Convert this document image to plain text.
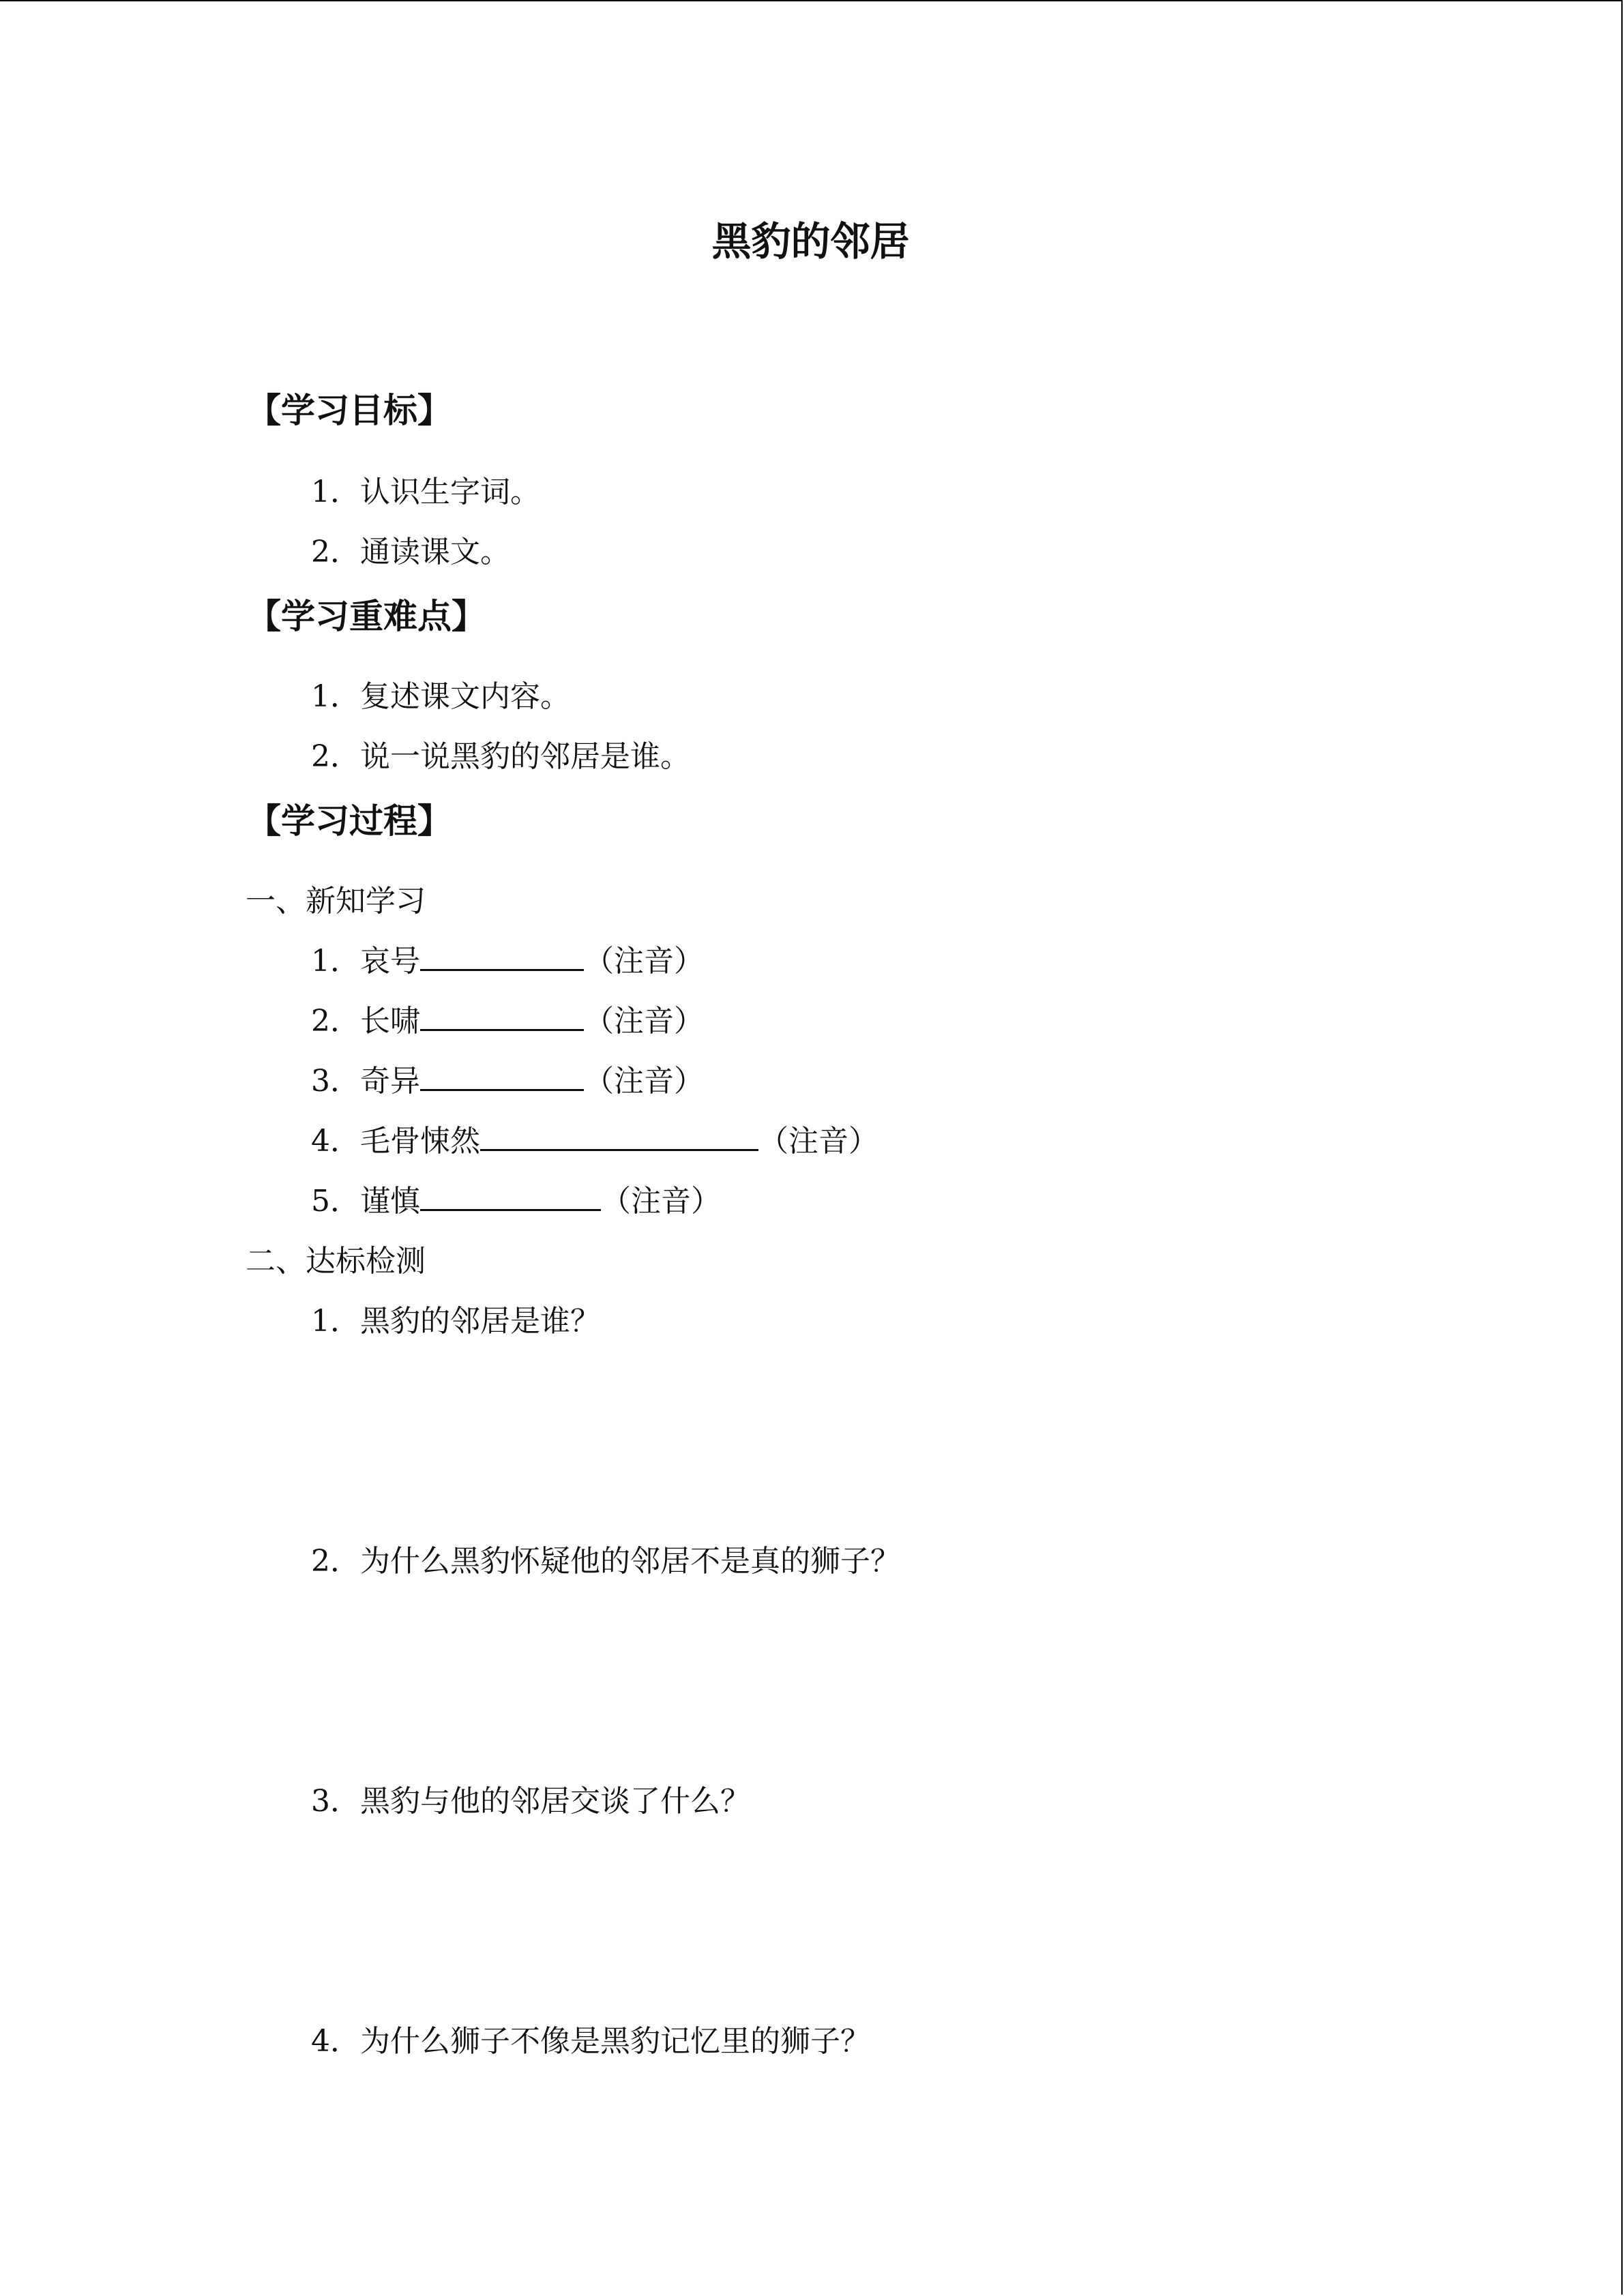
黑豹的邻居
【学习目标】

1．认识生字词。

2．通读课文。

【学习重难点】

1．复述课文内容。

2．说一说黑豹的邻居是谁。

【学习过程】

一、新知学习

1．哀号	（注音）

2．长啸	（注音）

3．奇异	（注音）

4．毛骨悚然	（注音）

5．谨慎	（注音）

二、达标检测

1．黑豹的邻居是谁？

2．为什么黑豹怀疑他的邻居不是真的狮子？

3．黑豹与他的邻居交谈了什么？

4．为什么狮子不像是黑豹记忆里的狮子？
